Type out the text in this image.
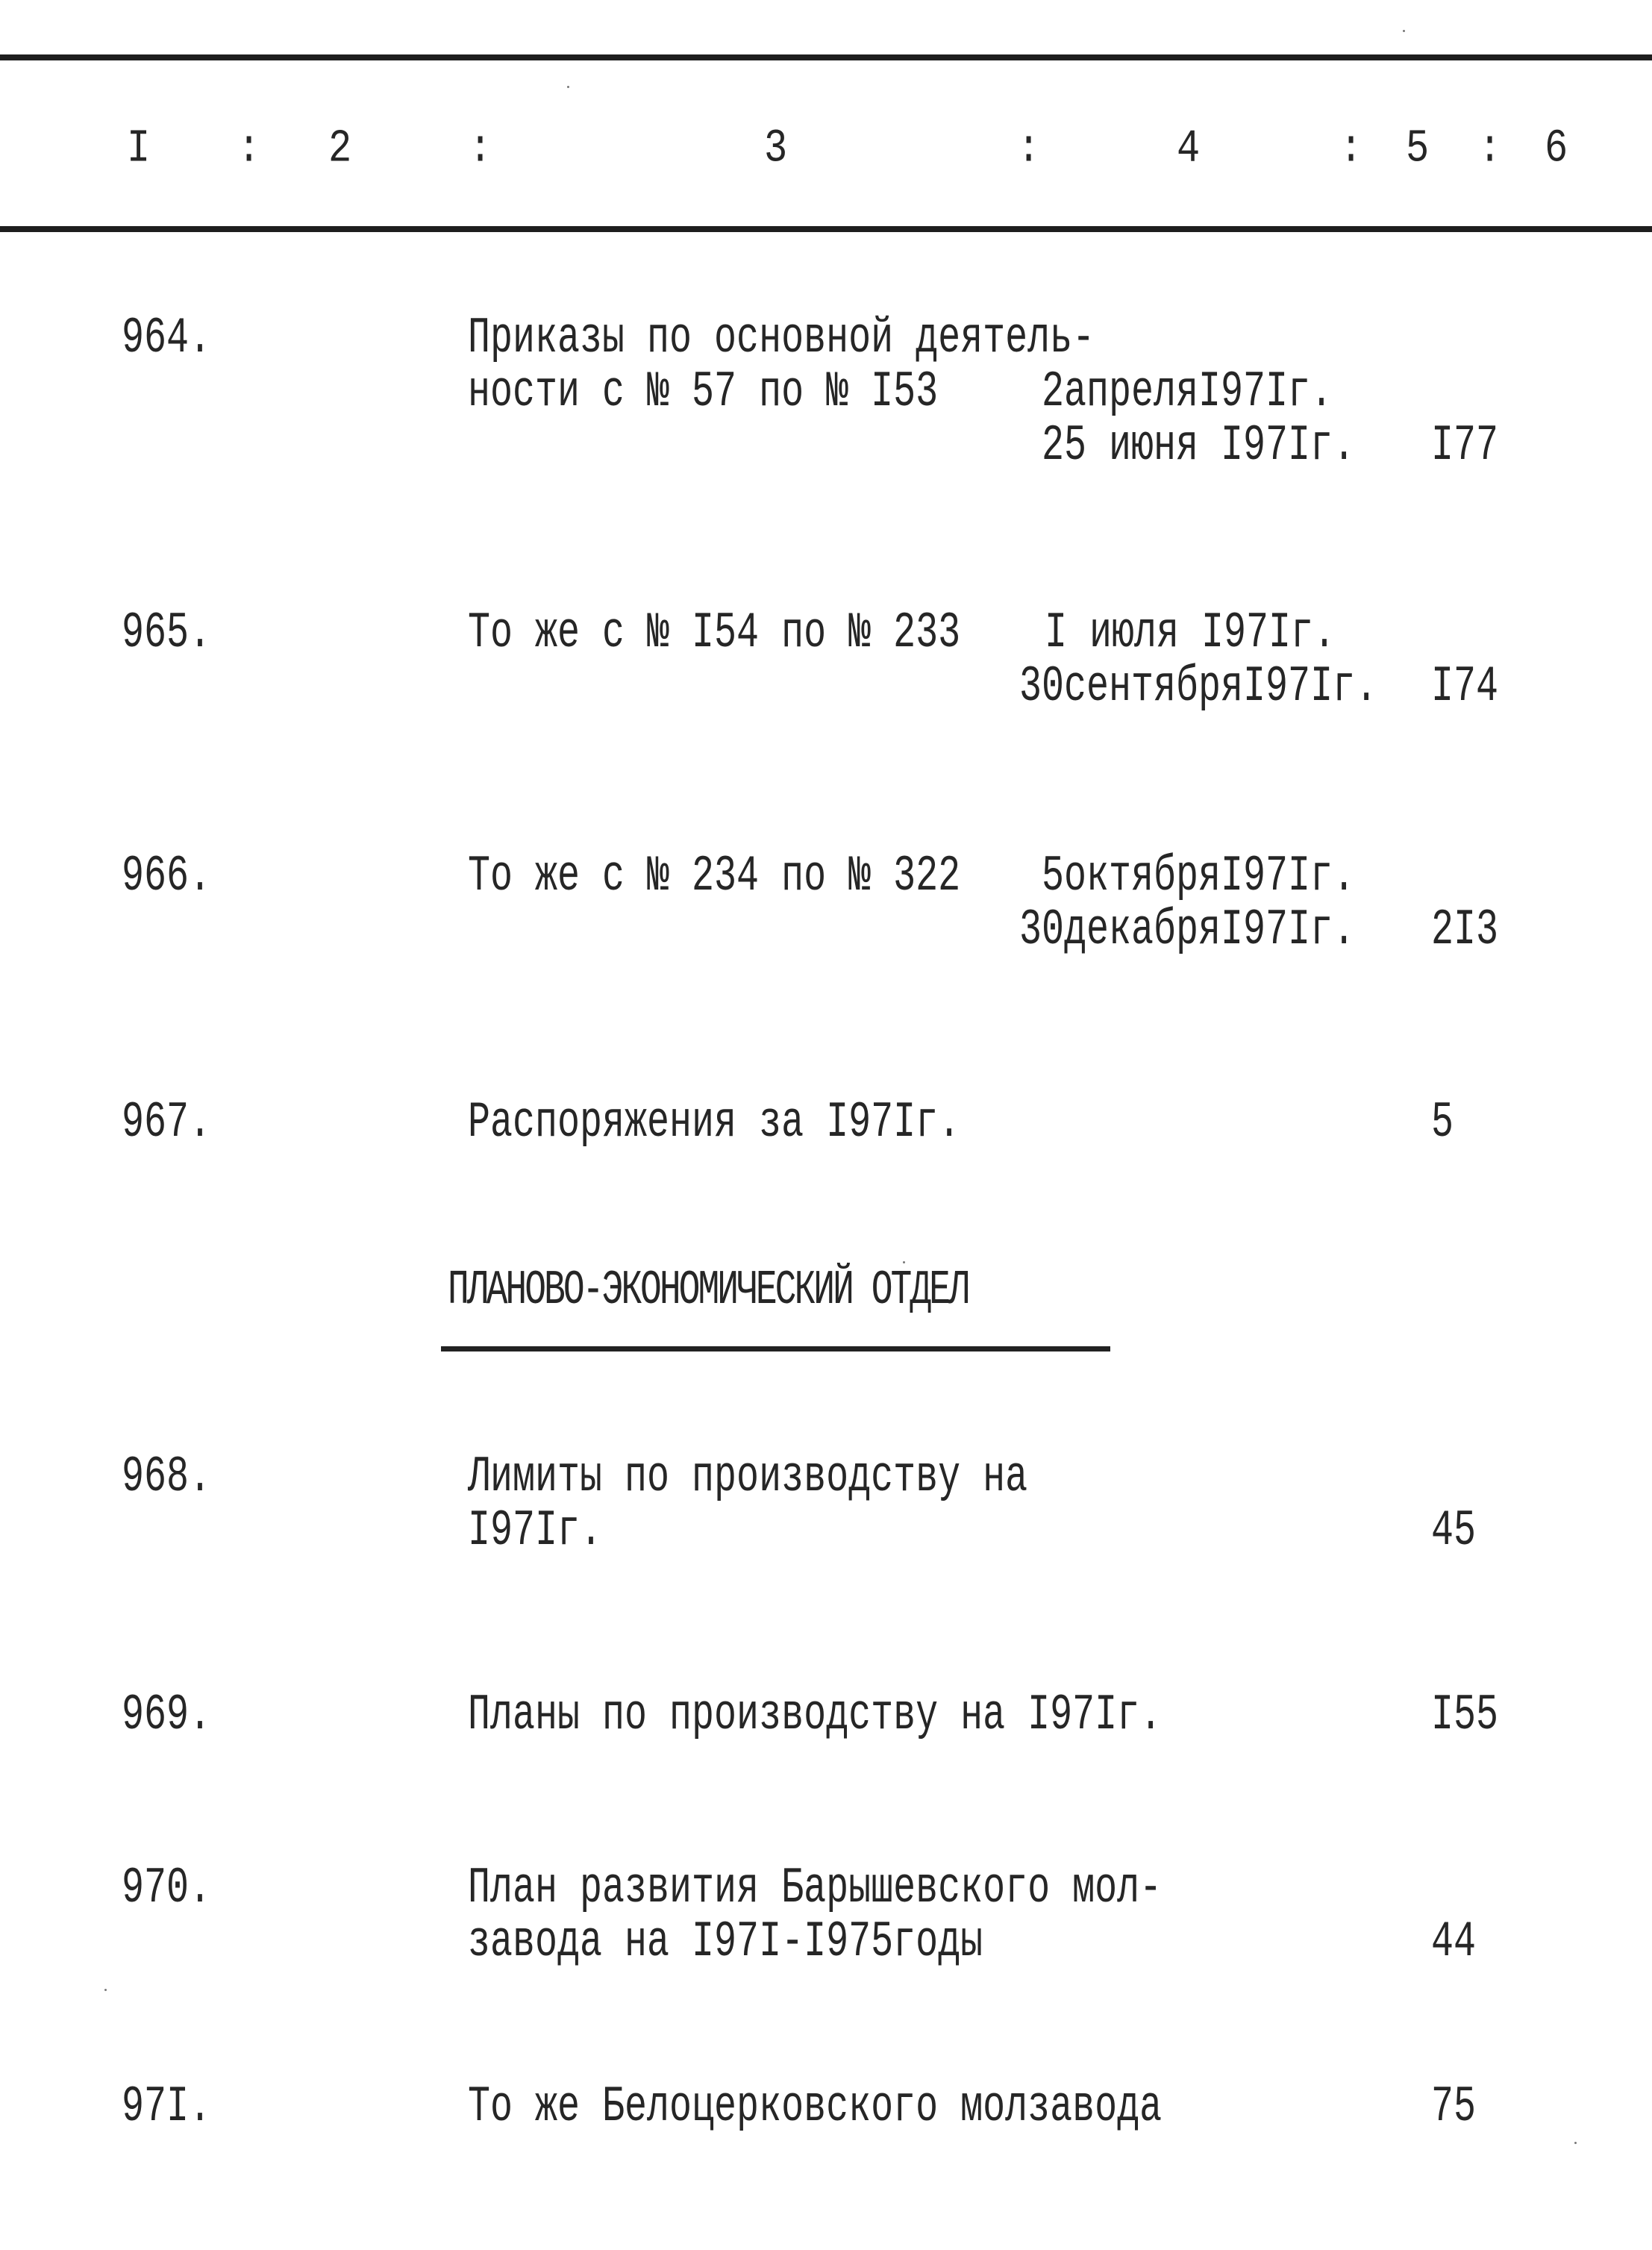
I : 2	:	3	:	4	: 5 : 6
964.	Приказы по основной деятель-
ности с № 57 по № I53	2апреляI97Iг.
25 июня I97Iг. I77
965.	То же с № I54 по № 233 I июля I97Iг.
30сентябряI97Iг. I74
966.	То же с № 234 по № 322 5октябряI97Iг.
30декабряI97Iг. 2I3
967.	Распоряжения за I97Iг.	5
ПЛАНОВО-ЭКОНОМИЧЕСКИЙ ОТДЕЛ
968.	Лимиты по производству на
I97Iг.	45
969.	Планы по производству на I97Iг.	I55
970.	План развития Барышевского мол-
завода на I97I-I975годы	44
97I.	То же Белоцерковского молзавода	75
